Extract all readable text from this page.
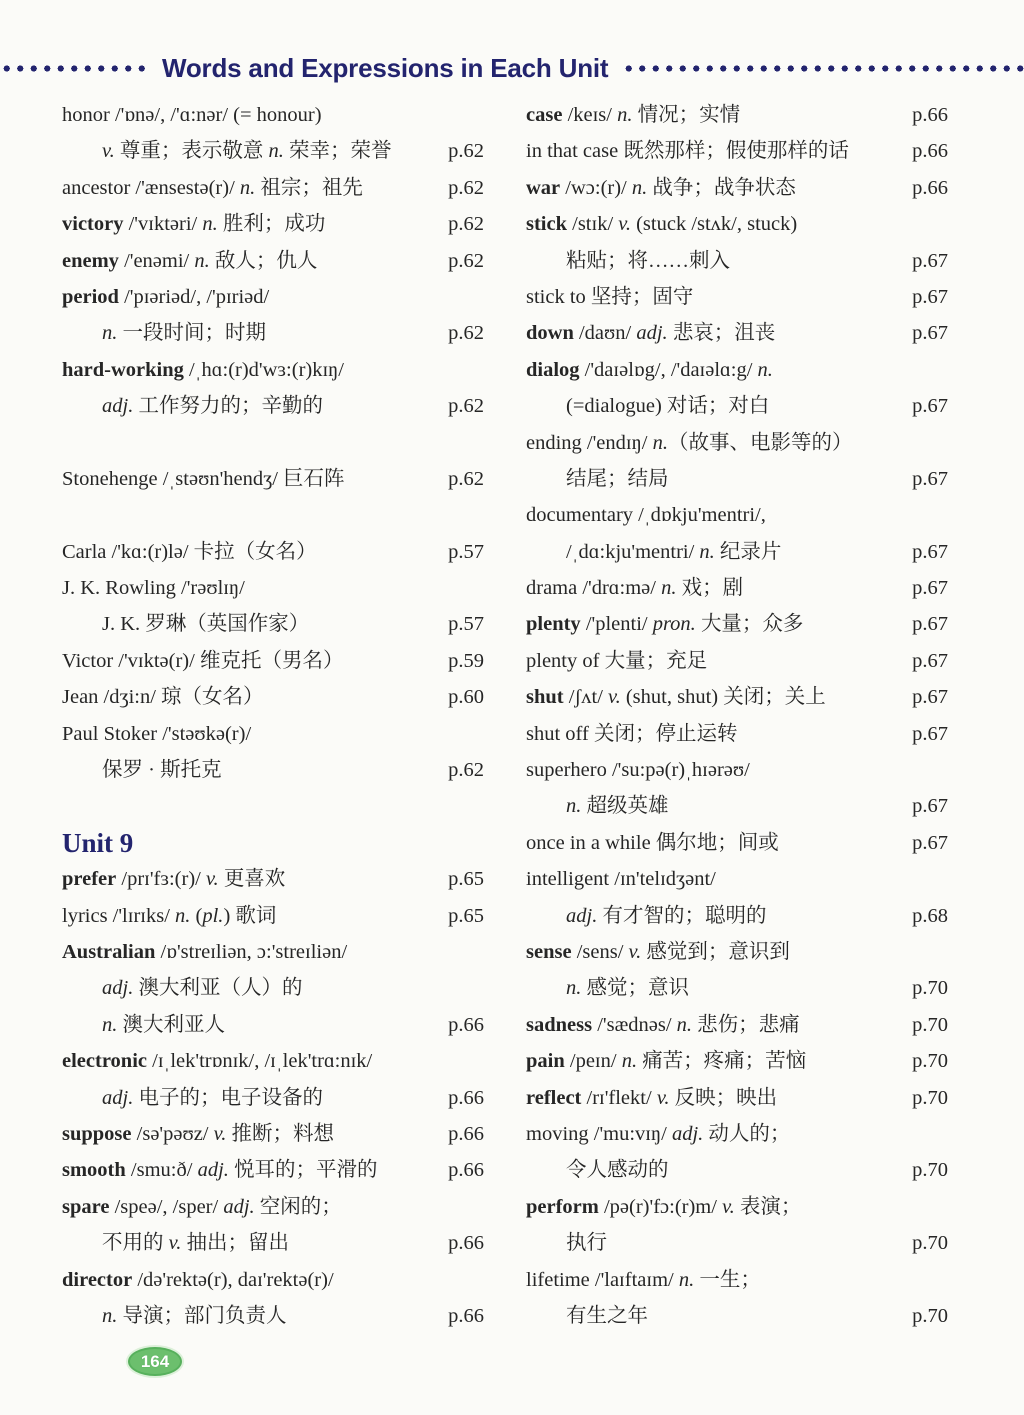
Words and Expressions in Each Unit
honor /'ɒnə/, /'ɑ:nər/ (= honour)
v. 尊重；表示敬意 n. 荣幸；荣誉	p.62
ancestor /'ænsestə(r)/ n. 祖宗；祖先	p.62
victory /'vɪktəri/ n. 胜利；成功	p.62
enemy /'enəmi/ n. 敌人；仇人	p.62
period /'pɪəriəd/, /'pɪriəd/
n. 一段时间；时期	p.62
hard-working /ˌhɑ:(r)d'wɜ:(r)kɪŋ/
adj. 工作努力的；辛勤的	p.62
Stonehenge /ˌstəʊn'hendʒ/ 巨石阵	p.62
Carla /'kɑ:(r)lə/ 卡拉（女名）	p.57
J. K. Rowling /'rəʊlɪŋ/
J. K. 罗琳（英国作家）	p.57
Victor /'vɪktə(r)/ 维克托（男名）	p.59
Jean /dʒi:n/ 琼（女名）	p.60
Paul Stoker /'stəʊkə(r)/
保罗 · 斯托克	p.62
Unit 9
prefer /prɪ'fɜ:(r)/ v. 更喜欢	p.65
lyrics /'lɪrɪks/ n. (pl.) 歌词	p.65
Australian /ɒ'streɪliən, ɔ:'streɪliən/
adj. 澳大利亚（人）的
n. 澳大利亚人	p.66
electronic /ɪˌlek'trɒnɪk/, /ɪˌlek'trɑ:nɪk/
adj. 电子的；电子设备的	p.66
suppose /sə'pəʊz/ v. 推断；料想	p.66
smooth /smu:ð/ adj. 悦耳的；平滑的	p.66
spare /speə/, /sper/ adj. 空闲的；
不用的 v. 抽出；留出	p.66
director /də'rektə(r), daɪ'rektə(r)/
n. 导演；部门负责人	p.66
case /keɪs/ n. 情况；实情	p.66
in that case 既然那样；假使那样的话	p.66
war /wɔ:(r)/ n. 战争；战争状态	p.66
stick /stɪk/ v. (stuck /stʌk/, stuck)
粘贴；将……刺入	p.67
stick to 坚持；固守	p.67
down /daʊn/ adj. 悲哀；沮丧	p.67
dialog /'daɪəlɒg/, /'daɪəlɑ:g/ n.
(=dialogue) 对话；对白	p.67
ending /'endɪŋ/ n.（故事、电影等的）
结尾；结局	p.67
documentary /ˌdɒkju'mentri/,
/ˌdɑ:kju'mentri/ n. 纪录片	p.67
drama /'drɑ:mə/ n. 戏；剧	p.67
plenty /'plenti/ pron. 大量；众多	p.67
plenty of 大量；充足	p.67
shut /ʃʌt/ v. (shut, shut) 关闭；关上	p.67
shut off 关闭；停止运转	p.67
superhero /'su:pə(r)ˌhɪərəʊ/
n. 超级英雄	p.67
once in a while 偶尔地；间或	p.67
intelligent /ɪn'telɪdʒənt/
adj. 有才智的；聪明的	p.68
sense /sens/ v. 感觉到；意识到
n. 感觉；意识	p.70
sadness /'sædnəs/ n. 悲伤；悲痛	p.70
pain /peɪn/ n. 痛苦；疼痛；苦恼	p.70
reflect /rɪ'flekt/ v. 反映；映出	p.70
moving /'mu:vɪŋ/ adj. 动人的；
令人感动的	p.70
perform /pə(r)'fɔ:(r)m/ v. 表演；
执行	p.70
lifetime /'laɪftaɪm/ n. 一生；
有生之年	p.70
164
